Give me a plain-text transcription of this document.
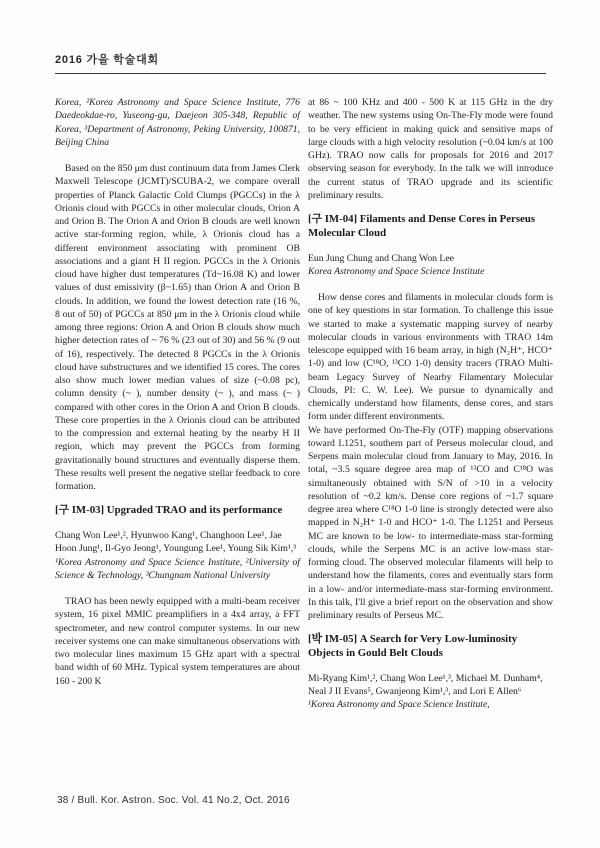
2016 가을 학술대회

Korea, ²Korea Astronomy and Space Science Institute, 776 Daedeokdae-ro, Yuseong-gu, Daejeon 305-348, Republic of Korea, ³Department of Astronomy, Peking University, 100871, Beijing China

Based on the 850 μm dust continuum data from James Clerk Maxwell Telescope (JCMT)/SCUBA-2, we compare overall properties of Planck Galactic Cold Clumps (PGCCs) in the λ Orionis cloud with PGCCs in other molecular clouds, Orion A and Orion B. The Orion A and Orion B clouds are well known active star-forming region, while, λ Orionis cloud has a different environment associating with prominent OB associations and a giant H II region. PGCCs in the λ Orionis cloud have higher dust temperatures (Td~16.08 K) and lower values of dust emissivity (β~1.65) than Orion A and Orion B clouds. In addition, we found the lowest detection rate (16 %, 8 out of 50) of PGCCs at 850 μm in the λ Orionis cloud while among three regions: Orion A and Orion B clouds show much higher detection rates of ~ 76 % (23 out of 30) and 56 % (9 out of 16), respectively. The detected 8 PGCCs in the λ Orionis cloud have substructures and we identified 15 cores. The cores also show much lower median values of size (~0.08 pc), column density (~ ), number density (~ ), and mass (~ ) compared with other cores in the Orion A and Orion B clouds. These core properties in the λ Orionis cloud can be attributed to the compression and external heating by the nearby H II region, which may prevent the PGCCs from forming gravitationally bound structures and eventually disperse them. These results well present the negative stellar feedback to core formation.

[구 IM-03] Upgraded TRAO and its performance

Chang Won Lee¹,², Hyunwoo Kang¹, Changhoon Lee¹, Jae Hoon Jung¹, Il-Gyo Jeong¹, Youngung Lee¹, Young Sik Kim¹,³

¹Korea Astronomy and Space Science Institute, ²University of Science & Technology, ³Chungnam National University

TRAO has been newly equipped with a multi-beam receiver system, 16 pixel MMIC preamplifiers in a 4x4 array, a FFT spectrometer, and new control computer systems. In our new receiver systems one can make simultaneous observations with two molecular lines maximum 15 GHz apart with a spectral band width of 60 MHz. Typical system temperatures are about 160 - 200 K

at 86 ~ 100 KHz and 400 - 500 K at 115 GHz in the dry weather. The new systems using On-The-Fly mode were found to be very efficient in making quick and sensitive maps of large clouds with a high velocity resolution (~0.04 km/s at 100 GHz). TRAO now calls for proposals for 2016 and 2017 observing season for everybody. In the talk we will introduce the current status of TRAO upgrade and its scientific preliminary results.

[구 IM-04] Filaments and Dense Cores in Perseus Molecular Cloud

Eun Jung Chung and Chang Won Lee

Korea Astronomy and Space Science Institute

How dense cores and filaments in molecular clouds form is one of key questions in star formation. To challenge this issue we started to make a systematic mapping survey of nearby molecular clouds in various environments with TRAO 14m telescope equipped with 16 beam array, in high (N₂H⁺, HCO⁺ 1-0) and low (C¹⁸O, ¹³CO 1-0) density tracers (TRAO Multi-beam Legacy Survey of Nearby Filamentary Molecular Clouds, PI: C. W. Lee). We pursue to dynamically and chemically understand how filaments, dense cores, and stars form under different environments.

We have performed On-The-Fly (OTF) mapping observations toward L1251, southern part of Perseus molecular cloud, and Serpens main molecular cloud from January to May, 2016. In total, ~3.5 square degree area map of ¹³CO and C¹⁸O was simultaneously obtained with S/N of >10 in a velocity resolution of ~0.2 km/s. Dense core regions of ~1.7 square degree area where C¹⁸O 1-0 line is strongly detected were also mapped in N₂H⁺ 1-0 and HCO⁺ 1-0. The L1251 and Perseus MC are known to be low- to intermediate-mass star-forming clouds, while the Serpens MC is an active low-mass star-forming cloud. The observed molecular filaments will help to understand how the filaments, cores and eventually stars form in a low- and/or intermediate-mass star-forming environment. In this talk, I'll give a brief report on the observation and show preliminary results of Perseus MC.

[박 IM-05] A Search for Very Low-luminosity Objects in Gould Belt Clouds

Mi-Ryang Kim¹,², Chang Won Lee¹,³, Michael M. Dunham⁴, Neal J II Evans⁵, Gwanjeong Kim¹,³, and Lori E Allen⁶

¹Korea Astronomy and Space Science Institute,

38 / Bull. Kor. Astron. Soc. Vol. 41 No.2, Oct. 2016
